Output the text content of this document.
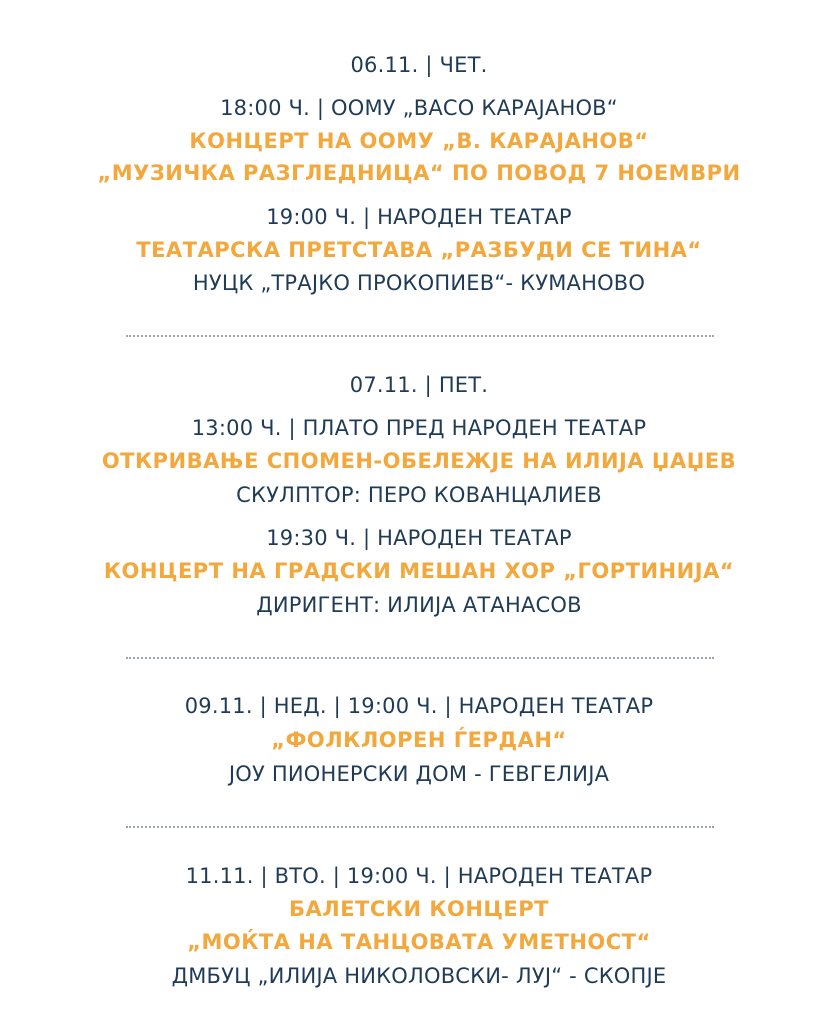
06.11. | ЧЕТ.
18:00 Ч. | ООМУ „ВАСО КАРАЈАНОВ“
КОНЦЕРТ НА ООМУ „В. КАРАЈАНОВ“
„МУЗИЧКА РАЗГЛЕДНИЦА“ ПО ПОВОД 7 НОЕМВРИ
19:00 Ч. | НАРОДЕН ТЕАТАР
ТЕАТАРСКА ПРЕТСТАВА „РАЗБУДИ СЕ ТИНА“
НУЦК „ТРАЈКО ПРОКОПИЕВ“- КУМАНОВО
07.11. | ПЕТ.
13:00 Ч. | ПЛАТО ПРЕД НАРОДЕН ТЕАТАР
ОТКРИВАЊЕ СПОМЕН-ОБЕЛЕЖЈЕ НА ИЛИЈА ЏАЏЕВ
СКУЛПТОР: ПЕРО КОВАНЦАЛИЕВ
19:30 Ч. | НАРОДЕН ТЕАТАР
КОНЦЕРТ НА ГРАДСКИ МЕШАН ХОР „ГОРТИНИЈА“
ДИРИГЕНТ: ИЛИЈА АТАНАСОВ
09.11. | НЕД. | 19:00 Ч. | НАРОДЕН ТЕАТАР
„ФОЛКЛОРЕН ЃЕРДАН“
ЈОУ ПИОНЕРСКИ ДОМ - ГЕВГЕЛИЈА
11.11. | ВТО. | 19:00 Ч. | НАРОДЕН ТЕАТАР
БАЛЕТСКИ КОНЦЕРТ
„МОЌТА НА ТАНЦОВАТА УМЕТНОСТ“
ДМБУЦ „ИЛИЈА НИКОЛОВСКИ- ЛУЈ“ - СКОПЈЕ
